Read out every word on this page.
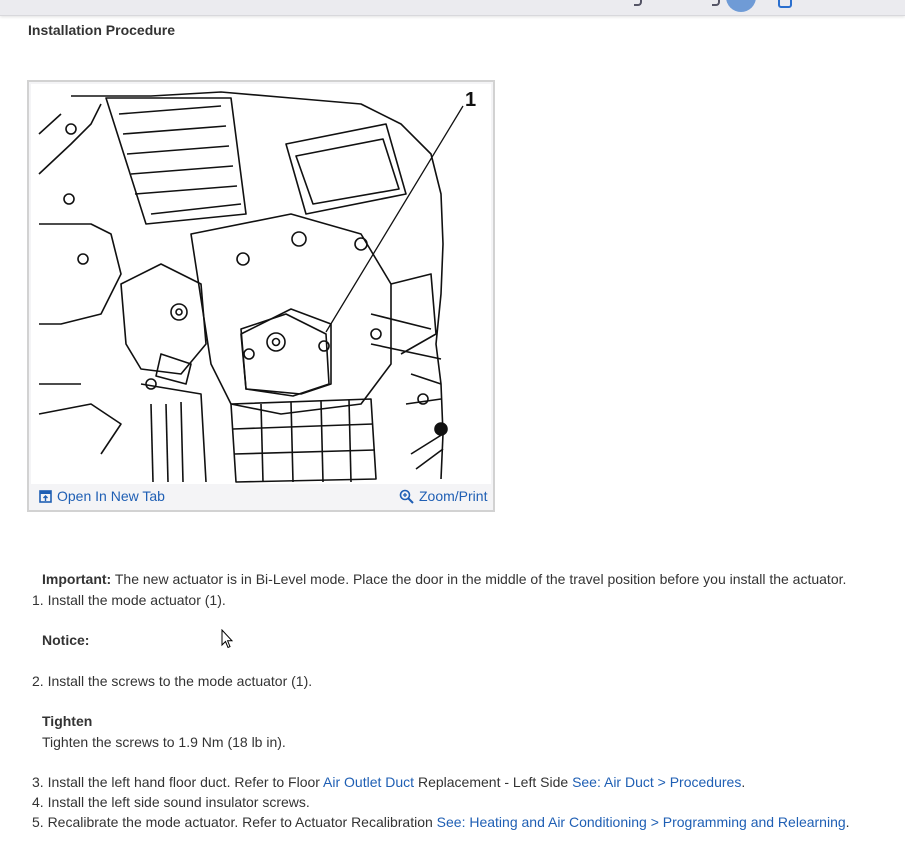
Installation Procedure
1
Open In New Tab	Zoom/Print
Important: The new actuator is in Bi-Level mode. Place the door in the middle of the travel position before you install the actuator.
1. Install the mode actuator (1).
Notice:
2. Install the screws to the mode actuator (1).
Tighten
Tighten the screws to 1.9 Nm (18 lb in).
3. Install the left hand floor duct. Refer to Floor Air Outlet Duct Replacement - Left Side See: Air Duct > Procedures.
4. Install the left side sound insulator screws.
5. Recalibrate the mode actuator. Refer to Actuator Recalibration See: Heating and Air Conditioning > Programming and Relearning.
